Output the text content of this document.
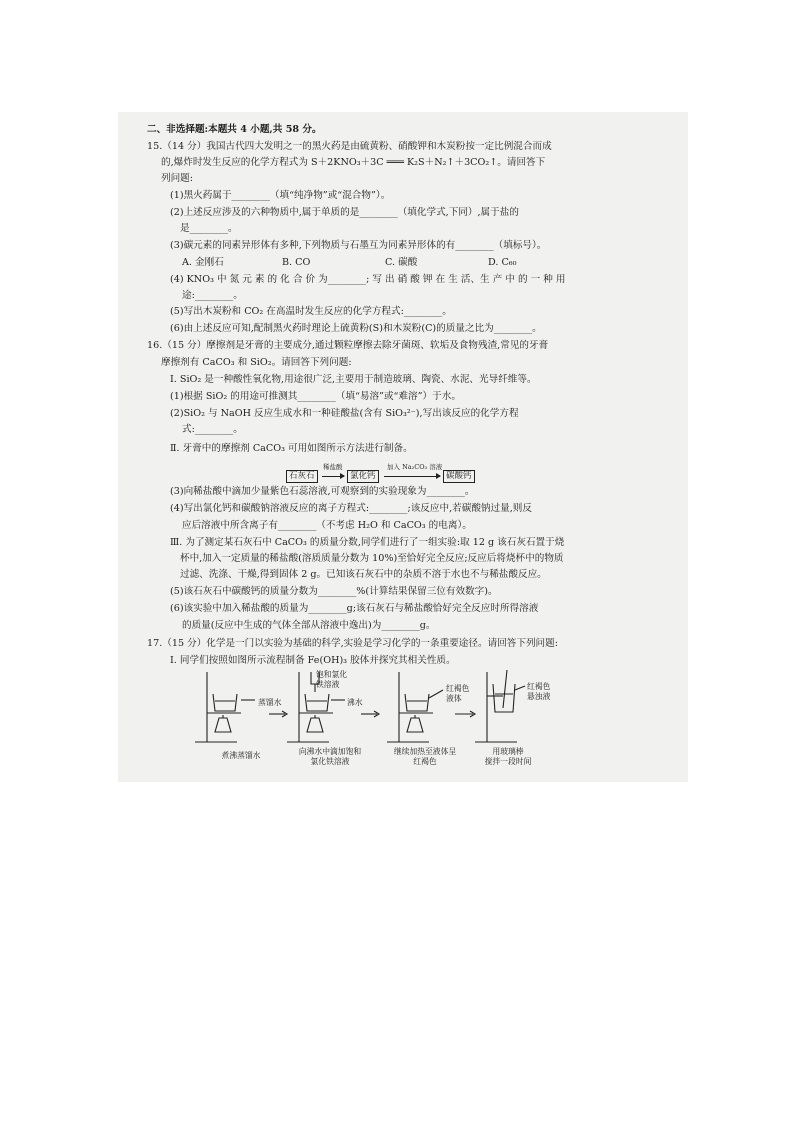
二、非选择题:本题共 4 小题,共 58 分。
15.（14 分）我国古代四大发明之一的黑火药是由硫黄粉、硝酸钾和木炭粉按一定比例混合而成
的,爆炸时发生反应的化学方程式为 S＋2KNO₃＋3C ═══ K₂S＋N₂↑＋3CO₂↑。请回答下
列问题:
(1)黑火药属于________（填“纯净物”或“混合物”）。
(2)上述反应涉及的六种物质中,属于单质的是________（填化学式,下同）,属于盐的
是________。
(3)碳元素的同素异形体有多种,下列物质与石墨互为同素异形体的有________（填标号）。
A. 金刚石	B. CO	C. 碳酸	D. C₆₀
(4) KNO₃ 中 氮 元 素 的 化 合 价 为________; 写 出 硝 酸 钾 在 生 活、生 产 中 的 一 种 用
途:________。
(5)写出木炭粉和 CO₂ 在高温时发生反应的化学方程式:________。
(6)由上述反应可知,配制黑火药时理论上硫黄粉(S)和木炭粉(C)的质量之比为________。
16.（15 分）摩擦剂是牙膏的主要成分,通过颗粒摩擦去除牙菌斑、软垢及食物残渣,常见的牙膏
摩擦剂有 CaCO₃ 和 SiO₂。请回答下列问题:
Ⅰ. SiO₂ 是一种酸性氧化物,用途很广泛,主要用于制造玻璃、陶瓷、水泥、光导纤维等。
(1)根据 SiO₂ 的用途可推测其________（填“易溶”或“难溶”）于水。
(2)SiO₂ 与 NaOH 反应生成水和一种硅酸盐(含有 SiO₃²⁻),写出该反应的化学方程
式:________。
Ⅱ. 牙膏中的摩擦剂 CaCO₃ 可用如图所示方法进行制备。
石灰石
稀盐酸
氯化钙
加入 Na₂CO₃ 溶液
碳酸钙
(3)向稀盐酸中滴加少量紫色石蕊溶液,可观察到的实验现象为________。
(4)写出氯化钙和碳酸钠溶液反应的离子方程式:________;该反应中,若碳酸钠过量,则反
应后溶液中所含离子有________（不考虑 H₂O 和 CaCO₃ 的电离）。
Ⅲ. 为了测定某石灰石中 CaCO₃ 的质量分数,同学们进行了一组实验:取 12 g 该石灰石置于烧
杯中,加入一定质量的稀盐酸(溶质质量分数为 10%)至恰好完全反应;反应后将烧杯中的物质
过滤、洗涤、干燥,得到固体 2 g。已知该石灰石中的杂质不溶于水也不与稀盐酸反应。
(5)该石灰石中碳酸钙的质量分数为________%(计算结果保留三位有效数字)。
(6)该实验中加入稀盐酸的质量为________g;该石灰石与稀盐酸恰好完全反应时所得溶液
的质量(反应中生成的气体全部从溶液中逸出)为________g。
17.（15 分）化学是一门以实验为基础的科学,实验是学习化学的一条重要途径。请回答下列问题:
Ⅰ. 同学们按照如图所示流程制备 Fe(OH)₃ 胶体并探究其相关性质。
蒸馏水
饱和氯化
铁溶液
沸水
红褐色
液体
红褐色
悬浊液
煮沸蒸馏水	向沸水中滴加饱和
氯化铁溶液
继续加热至液体呈
红褐色
用玻璃棒
搅拌一段时间
